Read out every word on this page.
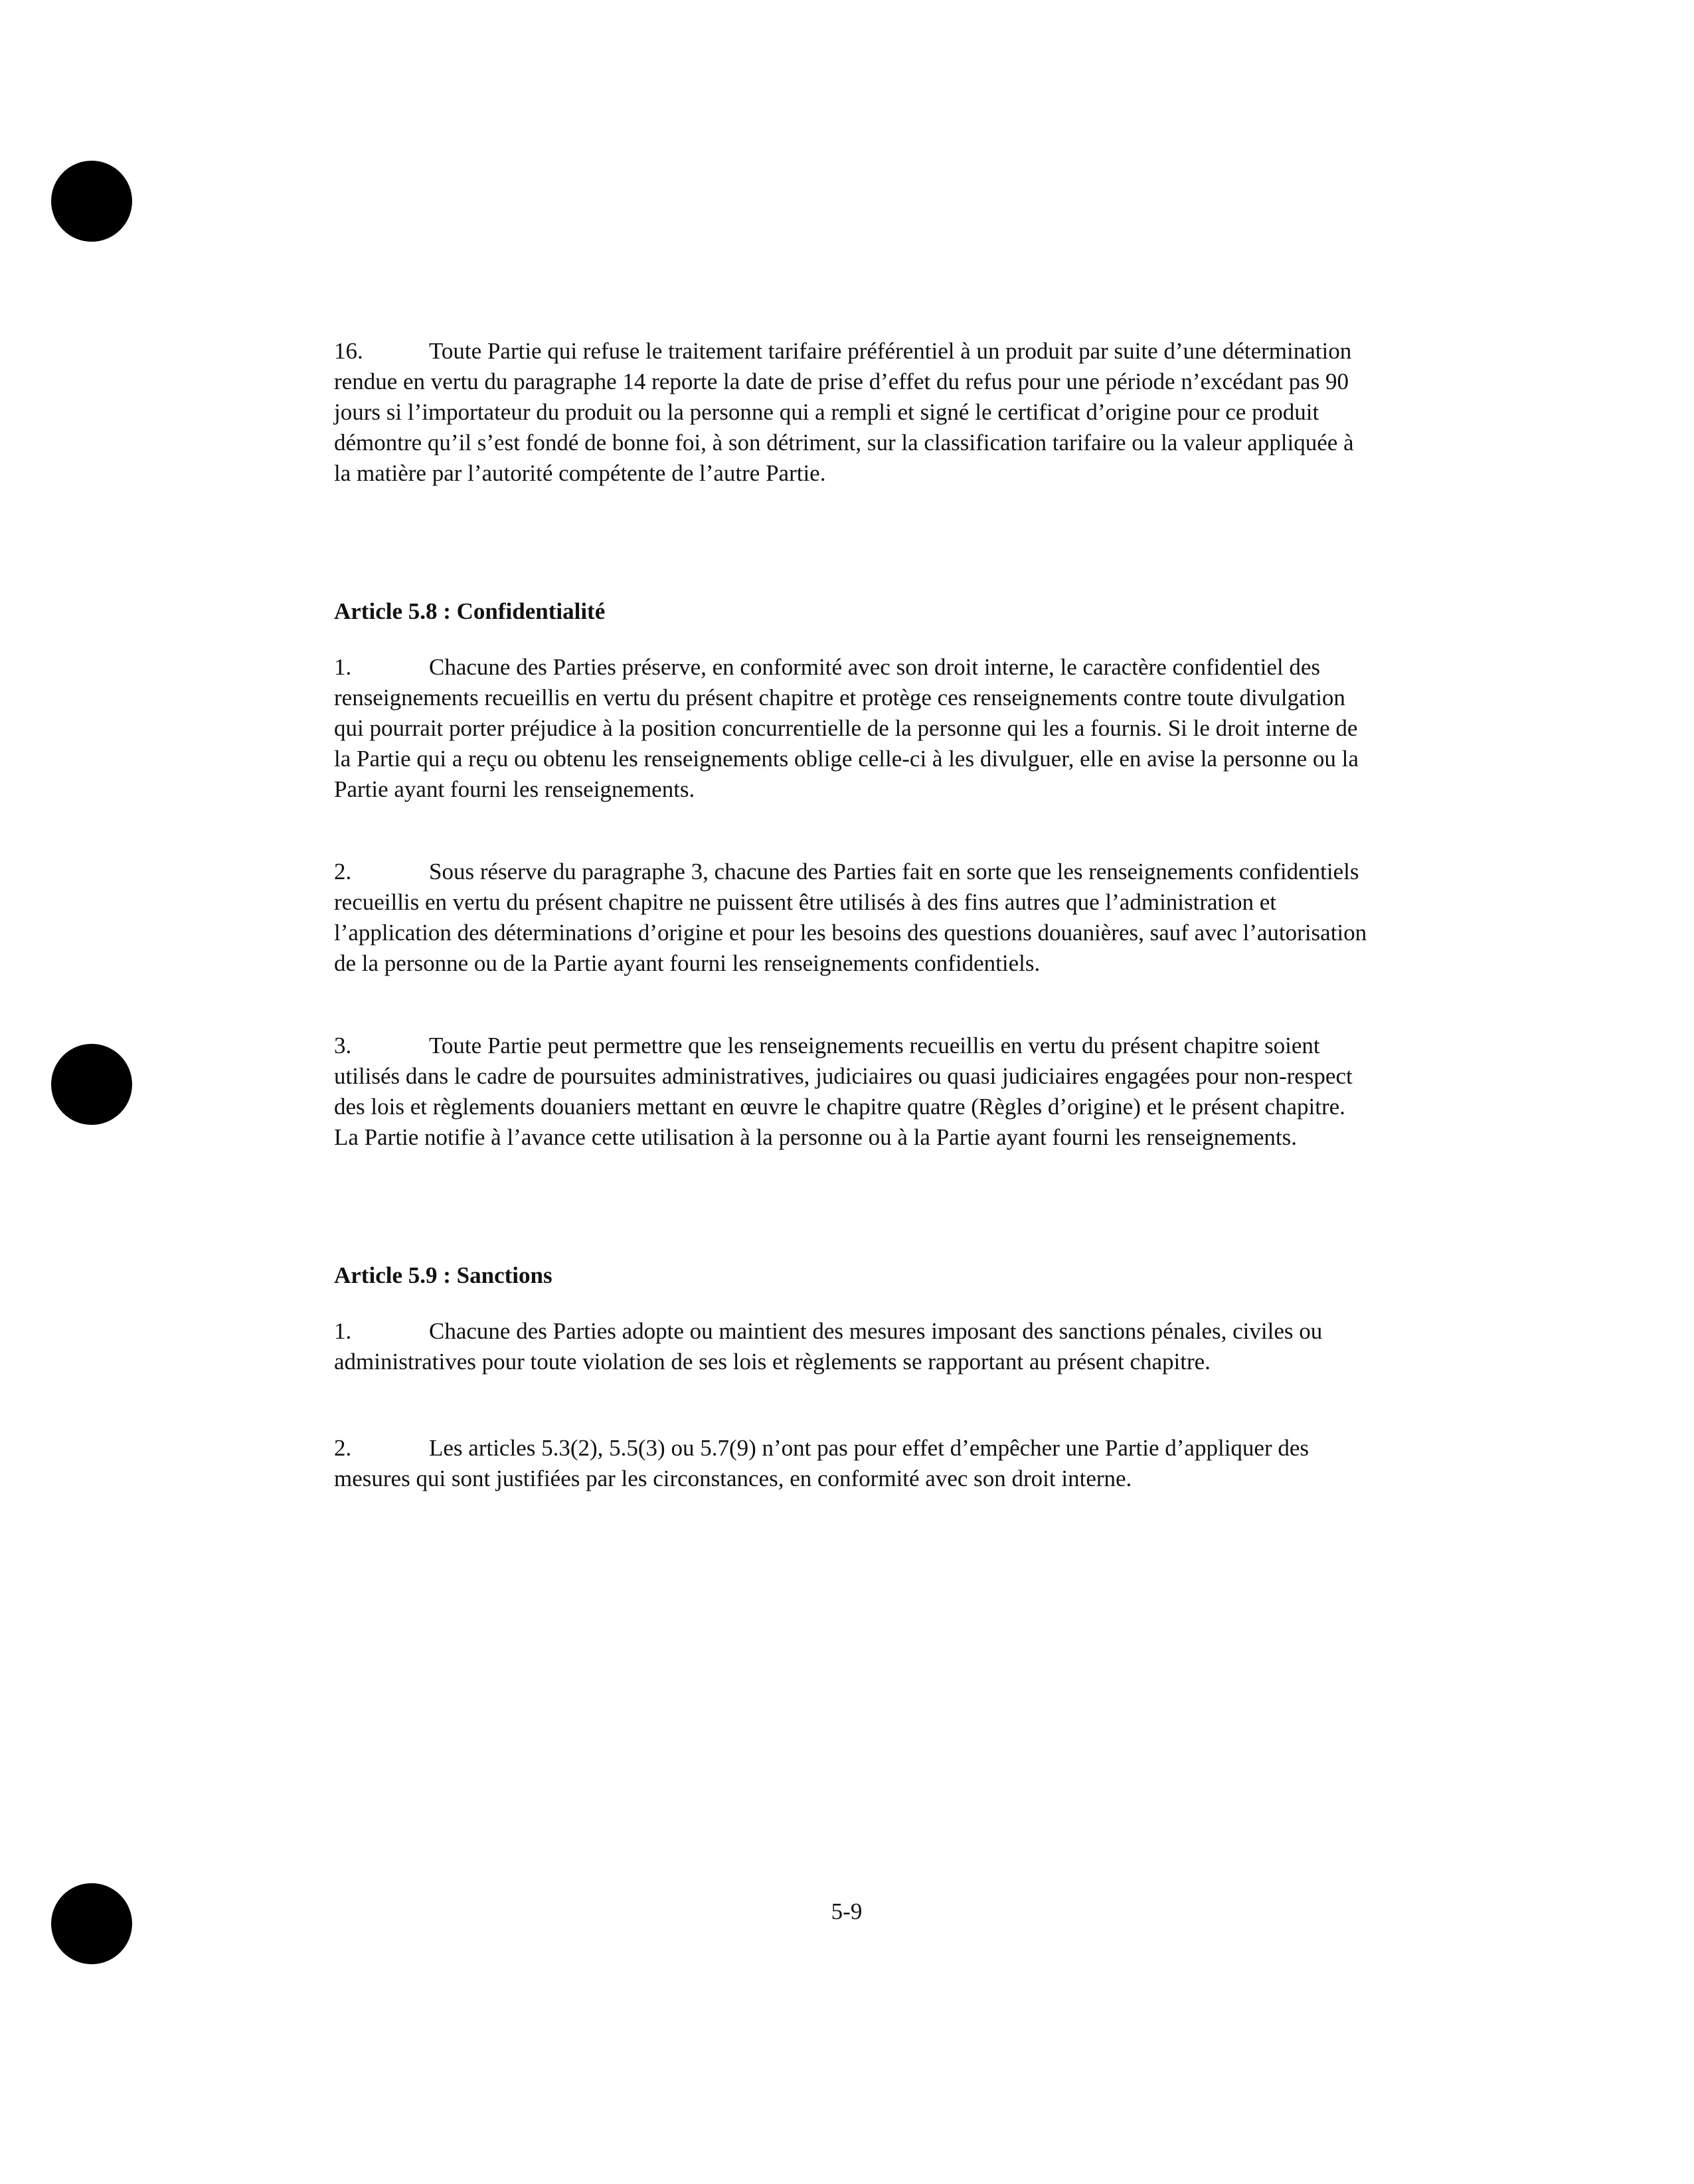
16.	Toute Partie qui refuse le traitement tarifaire préférentiel à un produit par suite d’une détermination rendue en vertu du paragraphe 14 reporte la date de prise d’effet du refus pour une période n’excédant pas 90 jours si l’importateur du produit ou la personne qui a rempli et signé le certificat d’origine pour ce produit démontre qu’il s’est fondé de bonne foi, à son détriment, sur la classification tarifaire ou la valeur appliquée à la matière par l’autorité compétente de l’autre Partie.

Article 5.8 : Confidentialité

1.	Chacune des Parties préserve, en conformité avec son droit interne, le caractère confidentiel des renseignements recueillis en vertu du présent chapitre et protège ces renseignements contre toute divulgation qui pourrait porter préjudice à la position concurrentielle de la personne qui les a fournis. Si le droit interne de la Partie qui a reçu ou obtenu les renseignements oblige celle-ci à les divulguer, elle en avise la personne ou la Partie ayant fourni les renseignements.

2.	Sous réserve du paragraphe 3, chacune des Parties fait en sorte que les renseignements confidentiels recueillis en vertu du présent chapitre ne puissent être utilisés à des fins autres que l’administration et l’application des déterminations d’origine et pour les besoins des questions douanières, sauf avec l’autorisation de la personne ou de la Partie ayant fourni les renseignements confidentiels.

3.	Toute Partie peut permettre que les renseignements recueillis en vertu du présent chapitre soient utilisés dans le cadre de poursuites administratives, judiciaires ou quasi judiciaires engagées pour non-respect des lois et règlements douaniers mettant en œuvre le chapitre quatre (Règles d’origine) et le présent chapitre. La Partie notifie à l’avance cette utilisation à la personne ou à la Partie ayant fourni les renseignements.

Article 5.9 : Sanctions

1.	Chacune des Parties adopte ou maintient des mesures imposant des sanctions pénales, civiles ou administratives pour toute violation de ses lois et règlements se rapportant au présent chapitre.

2.	Les articles 5.3(2), 5.5(3) ou 5.7(9) n’ont pas pour effet d’empêcher une Partie d’appliquer des mesures qui sont justifiées par les circonstances, en conformité avec son droit interne.

5-9
